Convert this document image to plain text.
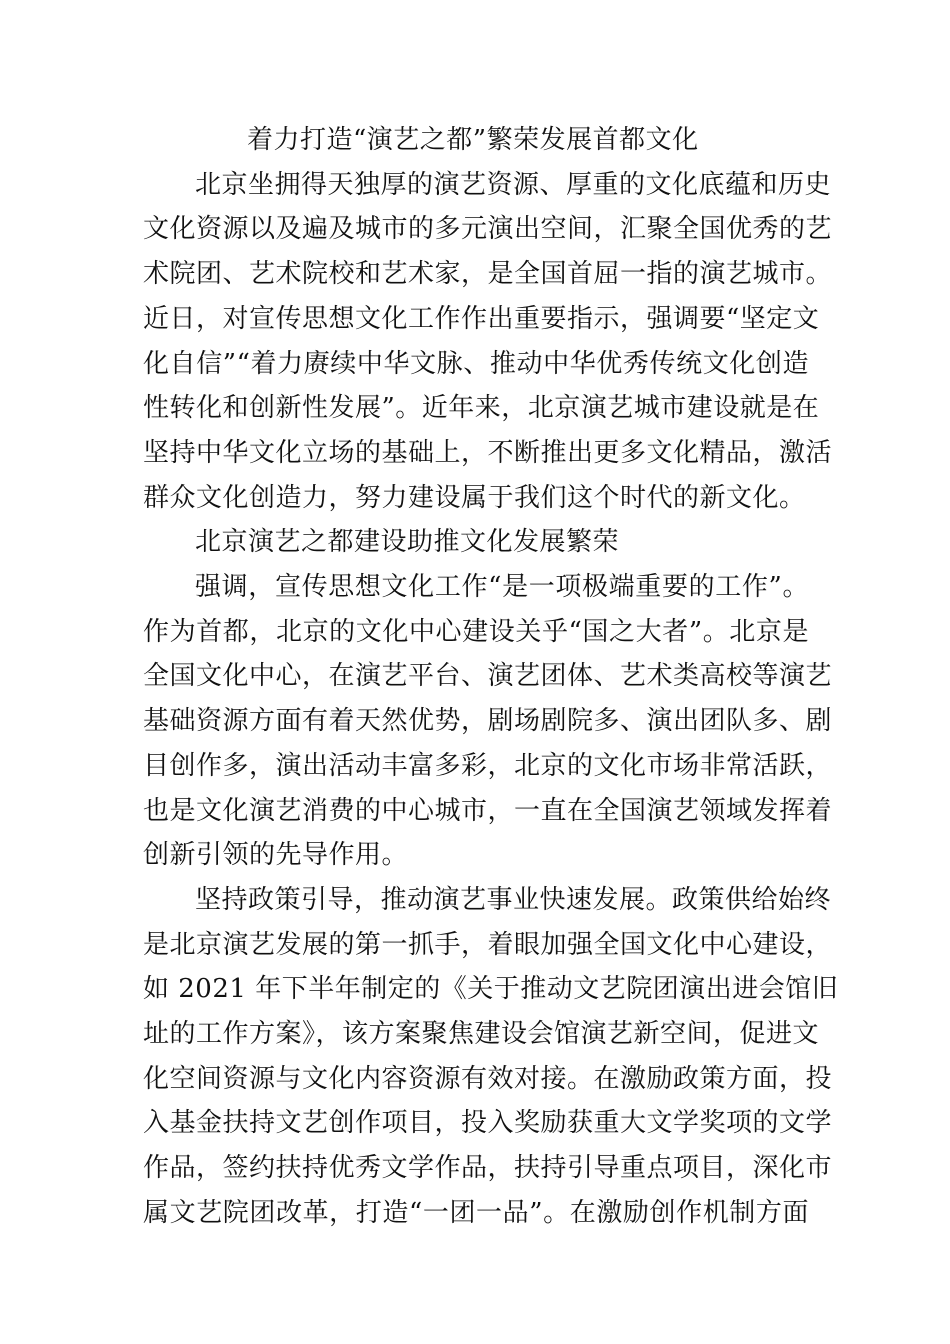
着力打造“演艺之都”繁荣发展首都文化

北京坐拥得天独厚的演艺资源、厚重的文化底蕴和历史
文化资源以及遍及城市的多元演出空间，汇聚全国优秀的艺
术院团、艺术院校和艺术家，是全国首屈一指的演艺城市。
近日，对宣传思想文化工作作出重要指示，强调要“坚定文
化自信”“着力赓续中华文脉、推动中华优秀传统文化创造
性转化和创新性发展”。近年来，北京演艺城市建设就是在
坚持中华文化立场的基础上，不断推出更多文化精品，激活
群众文化创造力，努力建设属于我们这个时代的新文化。
北京演艺之都建设助推文化发展繁荣
强调，宣传思想文化工作“是一项极端重要的工作”。
作为首都，北京的文化中心建设关乎“国之大者”。北京是
全国文化中心，在演艺平台、演艺团体、艺术类高校等演艺
基础资源方面有着天然优势，剧场剧院多、演出团队多、剧
目创作多，演出活动丰富多彩，北京的文化市场非常活跃，
也是文化演艺消费的中心城市，一直在全国演艺领域发挥着
创新引领的先导作用。
坚持政策引导，推动演艺事业快速发展。政策供给始终
是北京演艺发展的第一抓手，着眼加强全国文化中心建设，
如 2021 年下半年制定的《关于推动文艺院团演出进会馆旧
址的工作方案》，该方案聚焦建设会馆演艺新空间，促进文
化空间资源与文化内容资源有效对接。在激励政策方面，投
入基金扶持文艺创作项目，投入奖励获重大文学奖项的文学
作品，签约扶持优秀文学作品，扶持引导重点项目，深化市
属文艺院团改革，打造“一团一品”。在激励创作机制方面
